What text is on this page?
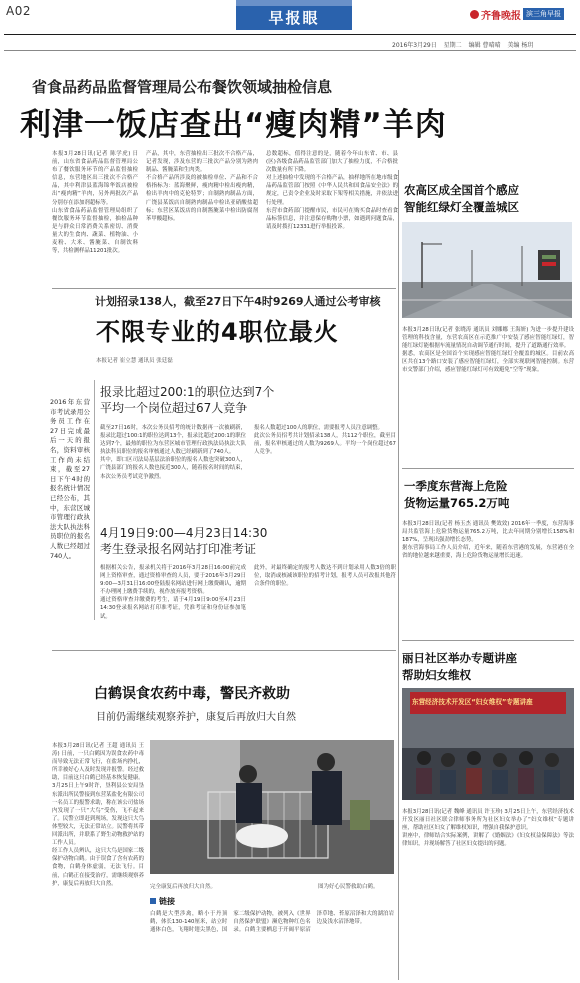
A02	早报眼	齐鲁晚报 滨三角早报
2016年3月29日 星期二 编辑 曹晴晴 美编 杨玥
省食品药品监督管理局公布餐饮领域抽检信息
利津一饭店查出“瘦肉精”羊肉

本报3月28日讯(记者 陈学虎) 日前，山东省食品药品监督管理局公布了餐饮服务环节的产品监督抽检信息，东营地区出三批次不合格产品，其中利津县蓝海锦华饭店被检出“瘦肉精”羊肉，另外两批次产品分别存在添加剂超标等。

山东省食品药品监督管理局组织了餐饮服务环节监督抽检，抽检品种是与群众日常消费关系密切、消费量大的生食肉、蔬菜、植物油、小麦粉、大米、酱腌菜、自制饮料等，共检测样品11201批次。

产品，其中，东营抽检出三批次不合格产品，记者发现，涉及东营的三批次产品分别为熟肉制品、酱腌菜和生肉类。

不合格产品所涉及的被抽检单位、产品和不合格指标为：蓝海聚鲜，瘦肉精中检出瘦肉精，检出羊肉中的克伦特罗；自制熟肉制品方面，广饶县某饭店自制熟肉制品中检出亚硝酸盐超标；东营区某饭店的自制酱腌菜中检出防腐剂苯甲酸超标。

总数超标，值得注意的是，随着今年山东省、市、县(区)各级食品药品监管部门加大了抽检力度，不合格批次数量有所下降。

对上述抽检中发现的不合格产品，抽样地所在地市级食品药品监管部门按照《中华人民共和国食品安全法》的规定，已责令企业及时采取下架等相关措施，并依法进行处理。

东营市食药部门提醒市民，市民可在购买食品时查看食品标签信息，并注意保存购物小票，如遇到问题食品，请及时拨打12331进行举报投诉。

计划招录138人，截至27日下午4时9269人通过公考审核
不限专业的4职位最火
本报记者 崔立慧 通讯员 张廷磊
2016年东营市考试录用公务员工作在27日完成最后一天的报名，资料审核工作尚未结束，截至27日下午4时的报名统计情况已经公布，其中，东营区城市管理行政执法大队执法科员职位的报名人数已经超过740人。
报录比超过200:1的职位达到7个
平均一个岗位超过67人竞争

截至27日16时，本次公务员招考的统计数据再一次被刷新，报录比超过100:1的职位达到13个，报录比超过200:1的职位达到7个，最热的职位为东营区城市管理行政执法局执法大队执法科员职位的报名审核通过人数已经刷新到了740人。

其中，即口区司法局基层法治职位的报名人数也突破300人，广饶县部门的报名人数也接近300人，随着报名时间的结束，本次公务员考试竞争激烈。

报名人数超过100人的职位，需要报考人员注意调整。

此次公务员招考共计划招录138人，共112个职位，截至目前，报名审核通过的人数为9269人。平均一个岗位超过67人竞争。

4月19日9:00—4月23日14:30
考生登录报名网站打印准考证

根据相关公告，报录机关将于2016年3月28日16:00前完成网上资格审查，通过资格审查的人员，要于2016年3月29日9:00—3月31日16:00登陆报名网站进行网上缴费确认，逾期不办理网上缴费手续的，视作放弃报考资格。

通过资格审查并缴费的考生，请于4月19日9:00至4月23日14:30登录报名网站打印准考证，凭准考证和身份证参加笔试。

此外，对最终确定的报考人数达不到计划录用人数3倍的职位，取消或核减该职位的招考计划，报考人员可改报其他符合条件的职位。

白鹤误食农药中毒，警民齐救助
目前仍需继续观察养护，康复后再放归大自然

本报3月28日讯(记者 王超 通讯员 王涛) 日前，一只白鹤因为误食农药中毒而导致无法正常飞行，在盐场内挣扎，所幸被好心人及时发现并报警。经过救助，目前这只白鹤已经基本恢复健康。

3月25日上午9时许，垦利县公安局垦东派出所民警接到东营某盐化有限公司一名员工的报警求助，称在该公司盐场内发现了一只“大鸟”受伤，飞不起来了。民警立即赶到现场，发现这只大鸟体型较大，无法正常站立。民警将其带回派出所，并联系了野生动物救护站的工作人员。

经工作人员辨认，这只大鸟是国家二级保护动物白鹤。由于误食了含有农药的食物，白鹤身体虚弱，无法飞行。目前，白鹤正在接受治疗，需继续观察养护，康复后再放归大自然。

图为好心民警救助白鹤。
完全康复后再放归大自然。
链接
白鹤是大型涉禽，略小于丹顶鹤，体长130-140厘米，站立时通体白色，飞翔时翅尖黑色，国家二级保护动物，被列入《世界自然保护联盟》濒危物种红色名录。白鹤主要栖息于开阔平原沼泽草地、苔原沼泽和大的湖泊岩边及浅水沼泽地带。
农高区成全国首个感应
智能红绿灯全覆盖城区

本报3月28日讯(记者 张晓涛 通讯员 刘娜娜 王海妍) 为进一步提升建设管理的科技含量，东营农高区在示范推广中安装了感应智能红绿灯，智能红绿灯能根据车流量情况自动调节通行时间，提升了道路通行效率。

据悉，农高区是全国首个实现感应智能红绿灯全覆盖的城区。目前农高区共在13个路口安装了感应智能红绿灯，全部实现联网智能控制。东营市交警部门介绍，感应智能红绿灯可有效避免“空等”现象。

一季度东营海上危险
货物运量765.2万吨

本报3月28日讯(记者 杨玉杰 通讯员 樊效效) 2016年一季度，东营海事局共监管海上危险货物运量765.2万吨，比去年同期分别增长158%和187%，呈现出强劲增长态势。

据东营海事局工作人员介绍，近年来，随着东营港的发展，东营港在全省的地位越来越重要，海上危险货物运量增长迅速。

丽日社区举办专题讲座
帮助妇女维权
东营经济技术开发区“妇女维权”专题讲座

本报3月28日讯(记者 魏峰 通讯员 许玉珍) 3月25日上午，东营经济技术开发区丽日社区联合律师事务所为社区妇女举办了“妇女维权”专题讲座，帮助社区妇女了解维权知识，增强自我保护意识。

讲座中，律师结合实际案例，讲解了《婚姻法》《妇女权益保障法》等法律知识，并现场解答了社区妇女提出的问题。
